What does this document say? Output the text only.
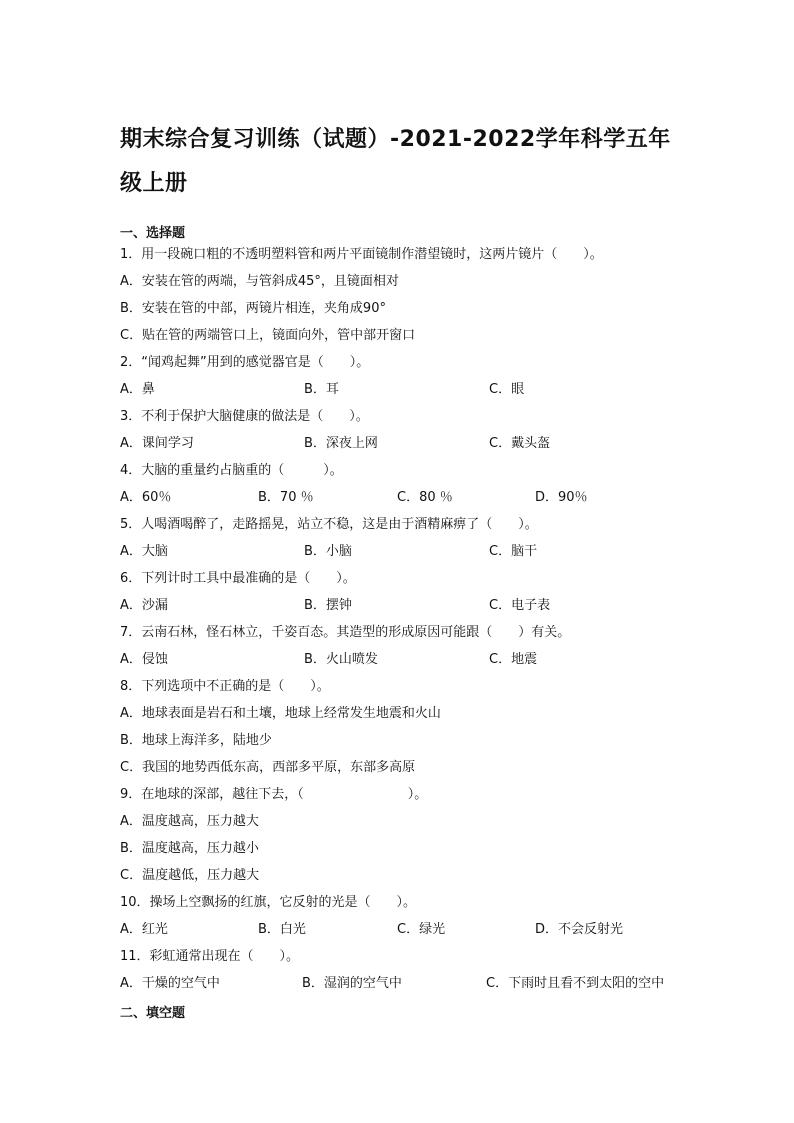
期末综合复习训练（试题）-2021-2022学年科学五年级上册
一、选择题
1．用一段碗口粗的不透明塑料管和两片平面镜制作潜望镜时，这两片镜片（　　）。
A．安装在管的两端，与管斜成45°，且镜面相对
B．安装在管的中部，两镜片相连，夹角成90°
C．贴在管的两端管口上，镜面向外，管中部开窗口
2．“闻鸡起舞”用到的感觉器官是（　　）。
A．鼻	B．耳	C．眼
3．不利于保护大脑健康的做法是（　　）。
A．课间学习	B．深夜上网	C．戴头盔
4．大脑的重量约占脑重的（　　　）。
A．60％	B．70 ％	C．80 ％	D．90％
5．人喝酒喝醉了，走路摇晃，站立不稳，这是由于酒精麻痹了（　　）。
A．大脑	B．小脑	C．脑干
6．下列计时工具中最准确的是（　　）。
A．沙漏	B．摆钟	C．电子表
7．云南石林，怪石林立，千姿百态。其造型的形成原因可能跟（　　）有关。
A．侵蚀	B．火山喷发	C．地震
8．下列选项中不正确的是（　　）。
A．地球表面是岩石和土壤，地球上经常发生地震和火山
B．地球上海洋多，陆地少
C．我国的地势西低东高，西部多平原，东部多高原
9．在地球的深部，越往下去，（　　　　　　　　）。
A．温度越高，压力越大
B．温度越高，压力越小
C．温度越低，压力越大
10．操场上空飘扬的红旗，它反射的光是（　　）。
A．红光	B．白光	C．绿光	D．不会反射光
11．彩虹通常出现在（　　）。
A．干燥的空气中	B．湿润的空气中	C．下雨时且看不到太阳的空中
二、填空题
